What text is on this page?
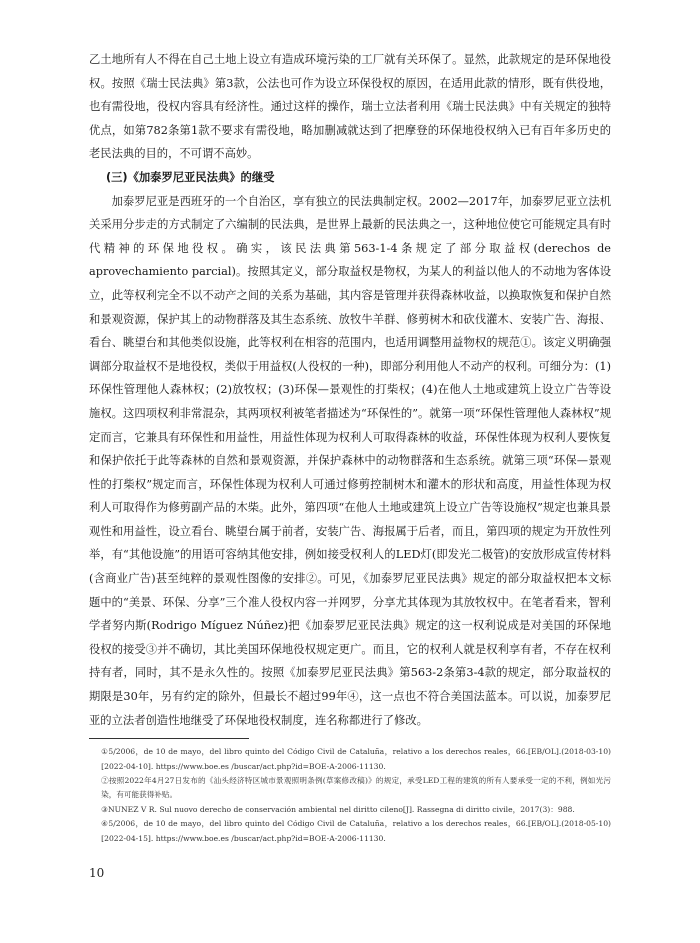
乙土地所有人不得在自己土地上设立有造成环境污染的工厂就有关环保了。显然，此款规定的是环保地役权。按照《瑞士民法典》第3款，公法也可作为设立环保役权的原因，在适用此款的情形，既有供役地，也有需役地，役权内容具有经济性。通过这样的操作，瑞士立法者利用《瑞士民法典》中有关规定的独特优点，如第782条第1款不要求有需役地，略加删减就达到了把摩登的环保地役权纳入已有百年多历史的老民法典的目的，不可谓不高妙。

(三)《加泰罗尼亚民法典》的继受

加泰罗尼亚是西班牙的一个自治区，享有独立的民法典制定权。2002—2017年，加泰罗尼亚立法机关采用分步走的方式制定了六编制的民法典，是世界上最新的民法典之一，这种地位使它可能规定具有时代精神的环保地役权。确实，该民法典第563-1-4条规定了部分取益权(derechos de aprovechamiento parcial)。按照其定义，部分取益权是物权，为某人的利益以他人的不动地为客体设立，此等权利完全不以不动产之间的关系为基础，其内容是管理并获得森林收益，以换取恢复和保护自然和景观资源，保护其上的动物群落及其生态系统、放牧牛羊群、修剪树木和砍伐灌木、安装广告、海报、看台、眺望台和其他类似设施，此等权利在相容的范围内，也适用调整用益物权的规范①。该定义明确强调部分取益权不是地役权，类似于用益权(人役权的一种)，即部分利用他人不动产的权利。可细分为：(1)环保性管理他人森林权；(2)放牧权；(3)环保—景观性的打柴权；(4)在他人土地或建筑上设立广告等设施权。这四项权利非常混杂，其两项权利被笔者描述为“环保性的”。就第一项“环保性管理他人森林权”规定而言，它兼具有环保性和用益性，用益性体现为权利人可取得森林的收益，环保性体现为权利人要恢复和保护依托于此等森林的自然和景观资源，并保护森林中的动物群落和生态系统。就第三项“环保—景观性的打柴权”规定而言，环保性体现为权利人可通过修剪控制树木和灌木的形状和高度，用益性体现为权利人可取得作为修剪副产品的木柴。此外，第四项“在他人土地或建筑上设立广告等设施权”规定也兼具景观性和用益性，设立看台、眺望台属于前者，安装广告、海报属于后者，而且，第四项的规定为开放性列举，有“其他设施”的用语可容纳其他安排，例如接受权利人的LED灯(即发光二极管)的安放形成宣传材料(含商业广告)甚至纯粹的景观性图像的安排②。可见，《加泰罗尼亚民法典》规定的部分取益权把本文标题中的“美景、环保、分享”三个准人役权内容一并网罗，分享尤其体现为其放牧权中。在笔者看来，智利学者努内斯(Rodrigo Míguez Núñez)把《加泰罗尼亚民法典》规定的这一权利说成是对美国的环保地役权的接受③并不确切，其比美国环保地役权规定更广。而且，它的权利人就是权利享有者，不存在权利持有者，同时，其不是永久性的。按照《加泰罗尼亚民法典》第563-2条第3-4款的规定，部分取益权的期限是30年，另有约定的除外，但最长不超过99年④，这一点也不符合美国法蓝本。可以说，加泰罗尼亚的立法者创造性地继受了环保地役权制度，连名称都进行了修改。

①5/2006，de 10 de mayo，del libro quinto del Código Civil de Cataluña，relativo a los derechos reales，66.[EB/OL].(2018-03-10)[2022-04-10]. https://www.boe.es /buscar/act.php?id=BOE-A-2006-11130.

②按照2022年4月27日发布的《汕头经济特区城市景观照明条例(草案修改稿)》的规定，承受LED工程的建筑的所有人要承受一定的不利，例如光污染，有可能获得补贴。

③NUNEZ V R. Sul nuovo derecho de conservación ambiental nel diritto cileno[J]. Rassegna di diritto civile，2017(3)：988.

④5/2006，de 10 de mayo，del libro quinto del Código Civil de Cataluña，relativo a los derechos reales，66.[EB/OL].(2018-05-10)[2022-04-15]. https://www.boe.es /buscar/act.php?id=BOE-A-2006-11130.

10
